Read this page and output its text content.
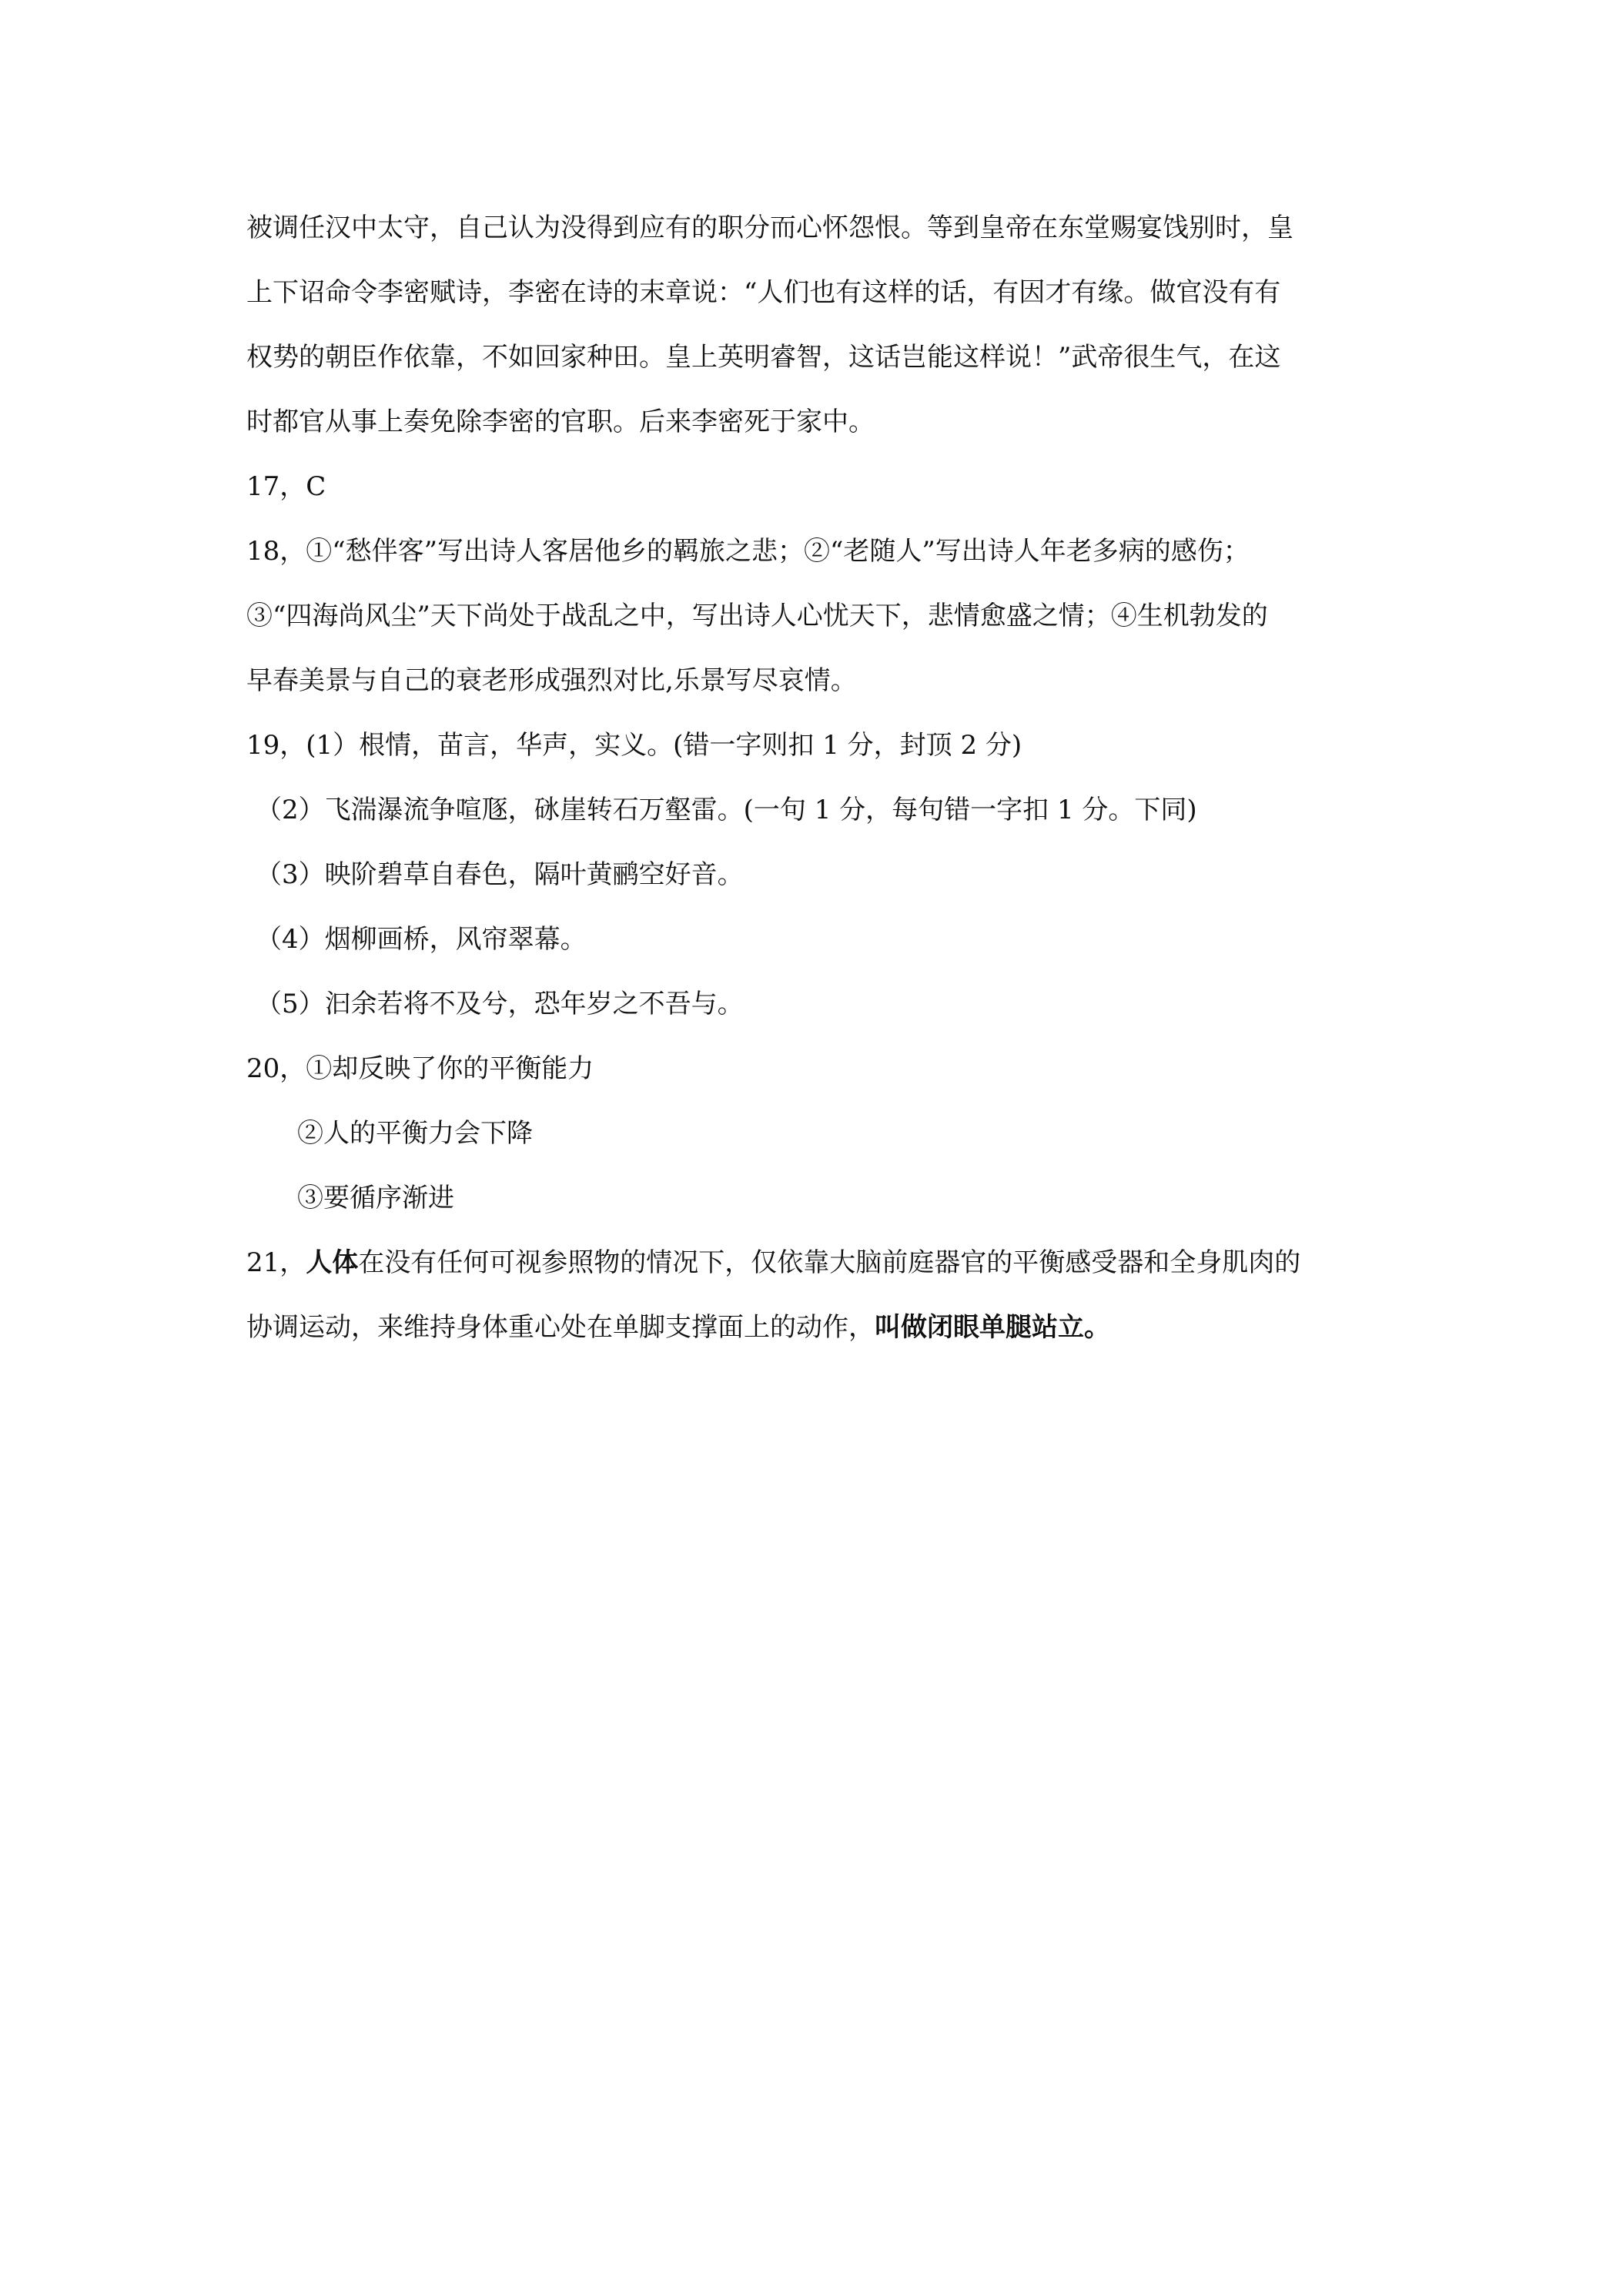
被调任汉中太守，自己认为没得到应有的职分而心怀怨恨。等到皇帝在东堂赐宴饯别时，皇
上下诏命令李密赋诗，李密在诗的末章说：“人们也有这样的话，有因才有缘。做官没有有
权势的朝臣作依靠，不如回家种田。皇上英明睿智，这话岂能这样说！”武帝很生气，在这
时都官从事上奏免除李密的官职。后来李密死于家中。
17，C
18，①“愁伴客”写出诗人客居他乡的羁旅之悲；②“老随人”写出诗人年老多病的感伤；
③“四海尚风尘”天下尚处于战乱之中，写出诗人心忧天下，悲情愈盛之情；④生机勃发的
早春美景与自己的衰老形成强烈对比,乐景写尽哀情。
19，(1）根情，苗言，华声，实义。(错一字则扣 1 分，封顶 2 分)
（2）飞湍瀑流争喧豗，砯崖转石万壑雷。(一句 1 分，每句错一字扣 1 分。下同)
（3）映阶碧草自春色，隔叶黄鹂空好音。
（4）烟柳画桥，风帘翠幕。
（5）汩余若将不及兮，恐年岁之不吾与。
20，①却反映了你的平衡能力
②人的平衡力会下降
③要循序渐进
21，人体在没有任何可视参照物的情况下，仅依靠大脑前庭器官的平衡感受器和全身肌肉的
协调运动，来维持身体重心处在单脚支撑面上的动作，叫做闭眼单腿站立。
